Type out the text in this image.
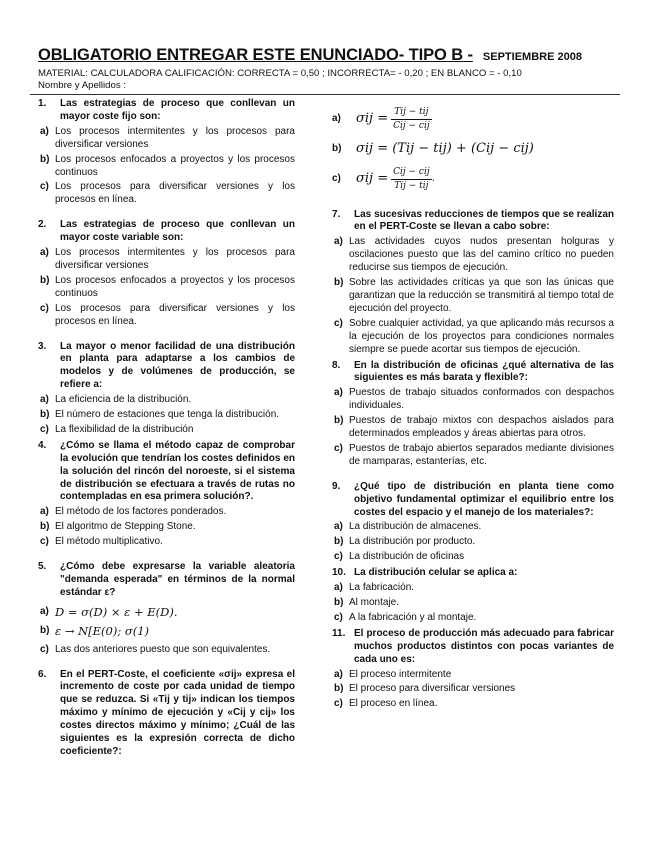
OBLIGATORIO ENTREGAR ESTE ENUNCIADO- TIPO B - SEPTIEMBRE 2008
MATERIAL: CALCULADORA CALIFICACIÓN: CORRECTA = 0,50 ; INCORRECTA= - 0,20 ; EN BLANCO = - 0,10
Nombre y Apellidos :
1.	Las estrategias de proceso que conllevan un mayor coste fijo son:
a) Los procesos intermitentes y los procesos para diversificar versiones
b) Los procesos enfocados a proyectos y los procesos continuos
c) Los procesos para diversificar versiones y los procesos en línea.
2.	Las estrategias de proceso que conllevan un mayor coste variable son:
a) Los procesos intermitentes y los procesos para diversificar versiones
b) Los procesos enfocados a proyectos y los procesos continuos
c) Los procesos para diversificar versiones y los procesos en línea.
3.	La mayor o menor facilidad de una distribución en planta para adaptarse a los cambios de modelos y de volúmenes de producción, se refiere a:
a) La eficiencia de la distribución.
b) El número de estaciones que tenga la distribución.
c) La flexibilidad de la distribución
4.	¿Cómo se llama el método capaz de comprobar la evolución que tendrían los costes definidos en la solución del rincón del noroeste, si el sistema de distribución se efectuara a través de rutas no contempladas en esa primera solución?.
a) El método de los factores ponderados.
b) El algoritmo de Stepping Stone.
c) El método multiplicativo.
5.	¿Cómo debe expresarse la variable aleatoria "demanda esperada" en términos de la normal estándar ε?
a) D = σ(D) × ε + E(D).
b) ε → N[E(0); σ(1)
c) Las dos anteriores puesto que son equivalentes.
6.	En el PERT-Coste, el coeficiente «σij» expresa el incremento de coste por cada unidad de tiempo que se reduzca. Si «Tij y tij» indican los tiempos máximo y mínimo de ejecución y «Cij y cij» los costes directos máximo y mínimo; ¿Cuál de las siguientes es la expresión correcta de dicho coeficiente?:
a)	$\sigma ij = \frac{\text{Tij − tij}}{\text{Cij − cij}}$
b)	σij = (Tij − tij) + (Cij − cij)
c)	$\sigma ij = \frac{\text{Cij − cij}}{\text{Tij − tij}}$ .
7.	Las sucesivas reducciones de tiempos que se realizan en el PERT-Coste se llevan a cabo sobre:
a) Las actividades cuyos nudos presentan holguras y oscilaciones puesto que las del camino crítico no pueden reducirse sus tiempos de ejecución.
b) Sobre las actividades críticas ya que son las únicas que garantizan que la reducción se transmitirá al tiempo total de ejecución del proyecto.
c) Sobre cualquier actividad, ya que aplicando más recursos a la ejecución de los proyectos para condiciones normales siempre se puede acortar sus tiempos de ejecución.
8.	En la distribución de oficinas ¿qué alternativa de las siguientes es más barata y flexible?:
a) Puestos de trabajo situados conformados con despachos individuales.
b) Puestos de trabajo mixtos con despachos aislados para determinados empleados y áreas abiertas para otros.
c) Puestos de trabajo abiertos separados mediante divisiones de mamparas, estanterías, etc.
9.	¿Qué tipo de distribución en planta tiene como objetivo fundamental optimizar el equilibrio entre los costes del espacio y el manejo de los materiales?:
a) La distribución de almacenes.
b) La distribución por producto.
c) La distribución de oficinas
10. La distribución celular se aplica a:
a) La fabricación.
b) Al montaje.
c) A la fabricación y al montaje.
11. El proceso de producción más adecuado para fabricar muchos productos distintos con pocas variantes de cada uno es:
a) El proceso intermitente
b) El proceso para diversificar versiones
c) El proceso en línea.
